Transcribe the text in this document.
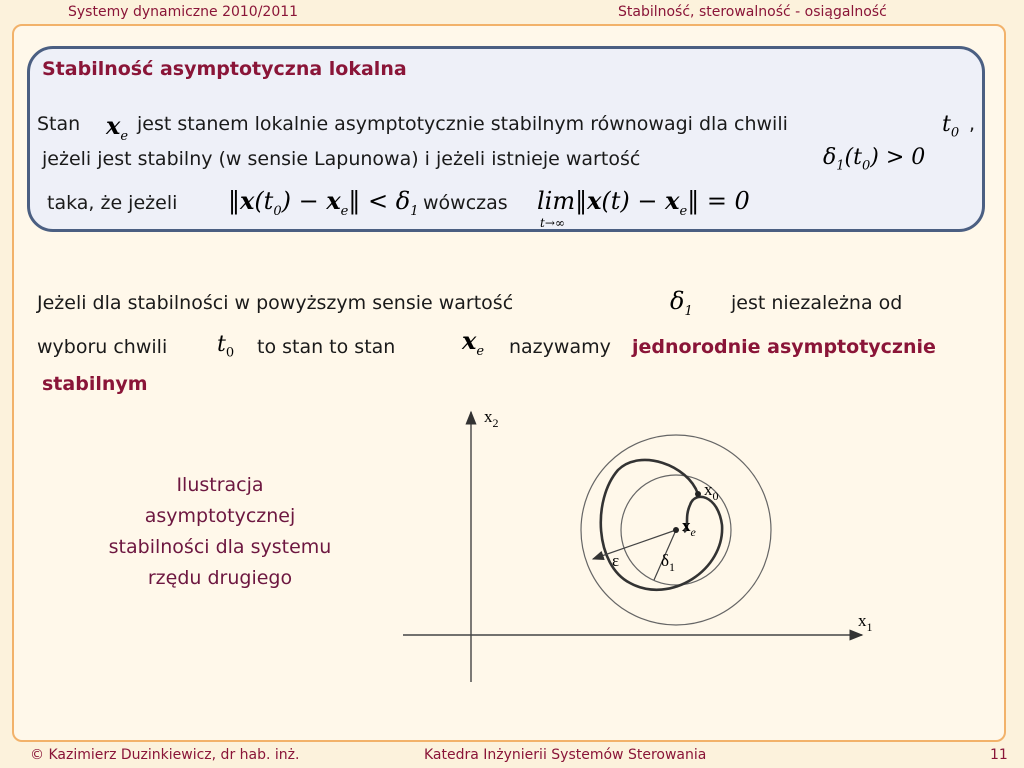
Systemy dynamiczne 2010/2011	Stabilność, sterowalność - osiągalność
Stabilność asymptotyczna lokalna
Stan $x_e$
jest stanem lokalnie asymptotycznie stabilnym równowagi dla chwili	$t_0$ ,
jeżeli jest stabilny (w sensie Lapunowa) i jeżeli istnieje wartość	$\delta_1(t_0) > 0$
taka, że jeżeli $‖x(t_0)$ − $x_e‖ < \delta_1$ wówczas lim‖x(t) − $x_e‖ = 0$
t→∞
Jeżeli dla stabilności w powyższym sensie wartość	$\delta_1$ jest niezależna od
wyboru chwili $t_0$ to stan to stan	$x_e$ nazywamy jednorodnie asymptotycznie
stabilnym
Ilustracja
asymptotycznej
stabilności dla systemu
rzędu drugiego
$x_2$
$x_1$
$x_0$
$x_e$
ε $\delta_1$
© Kazimierz Duzinkiewicz, dr hab. inż.	Katedra Inżynierii Systemów Sterowania	11
